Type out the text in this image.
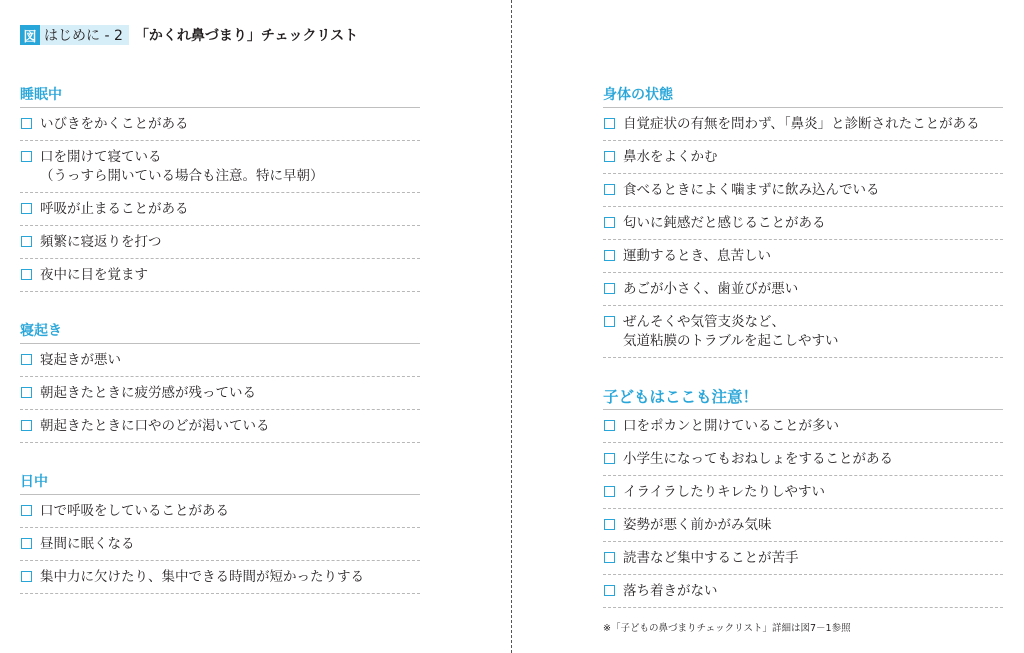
図 はじめに - 2 「かくれ鼻づまり」チェックリスト
睡眠中
いびきをかくことがある
口を開けて寝ている
（うっすら開いている場合も注意。特に早朝）
呼吸が止まることがある
頻繁に寝返りを打つ
夜中に目を覚ます
寝起き
寝起きが悪い
朝起きたときに疲労感が残っている
朝起きたときに口やのどが渇いている
日中
口で呼吸をしていることがある
昼間に眠くなる
集中力に欠けたり、集中できる時間が短かったりする
身体の状態
自覚症状の有無を問わず、「鼻炎」と診断されたことがある
鼻水をよくかむ
食べるときによく噛まずに飲み込んでいる
匂いに鈍感だと感じることがある
運動するとき、息苦しい
あごが小さく、歯並びが悪い
ぜんそくや気管支炎など、
気道粘膜のトラブルを起こしやすい
子どもはここも注意！
口をポカンと開けていることが多い
小学生になってもおねしょをすることがある
イライラしたりキレたりしやすい
姿勢が悪く前かがみ気味
読書など集中することが苦手
落ち着きがない
※「子どもの鼻づまりチェックリスト」詳細は図7－1参照
